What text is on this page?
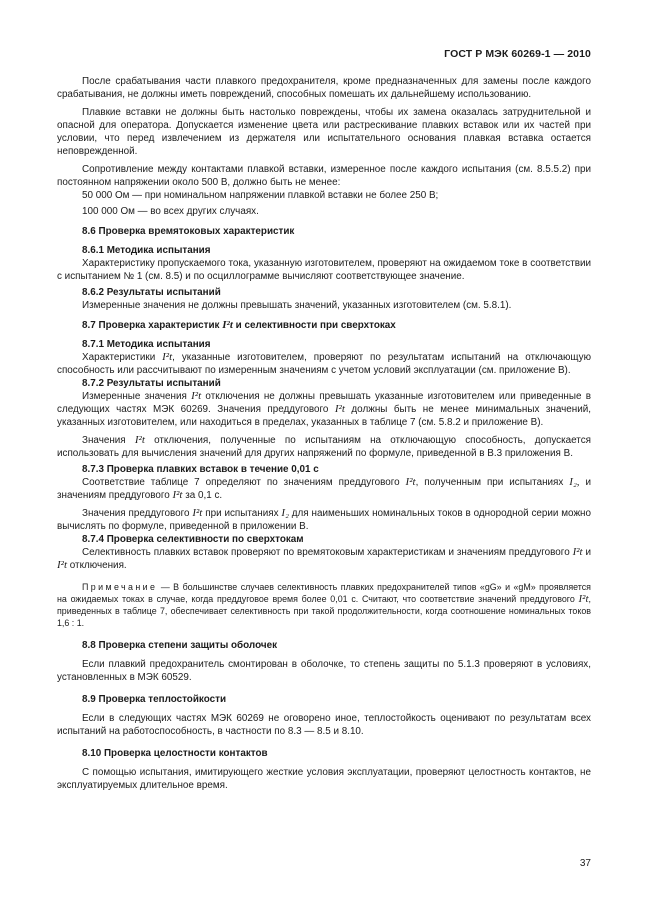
ГОСТ Р МЭК 60269-1 — 2010

После срабатывания части плавкого предохранителя, кроме предназначенных для замены после каждого срабатывания, не должны иметь повреждений, способных помешать их дальнейшему использованию.

Плавкие вставки не должны быть настолько повреждены, чтобы их замена оказалась затруднительной и опасной для оператора. Допускается изменение цвета или растрескивание плавких вставок или их частей при условии, что перед извлечением из держателя или испытательного основания плавкая вставка остается неповрежденной.

Сопротивление между контактами плавкой вставки, измеренное после каждого испытания (см. 8.5.5.2) при постоянном напряжении около 500 В, должно быть не менее:

50 000 Ом — при номинальном напряжении плавкой вставки не более 250 В;

100 000 Ом — во всех других случаях.

8.6 Проверка времятоковых характеристик

8.6.1 Методика испытания

Характеристику пропускаемого тока, указанную изготовителем, проверяют на ожидаемом токе в соответствии с испытанием № 1 (см. 8.5) и по осциллограмме вычисляют соответствующее значение.

8.6.2 Результаты испытаний

Измеренные значения не должны превышать значений, указанных изготовителем (см. 5.8.1).

8.7 Проверка характеристик I²t и селективности при сверхтоках

8.7.1 Методика испытания

Характеристики I²t, указанные изготовителем, проверяют по результатам испытаний на отключающую способность или рассчитывают по измеренным значениям с учетом условий эксплуатации (см. приложение В).

8.7.2 Результаты испытаний

Измеренные значения I²t отключения не должны превышать указанные изготовителем или приведенные в следующих частях МЭК 60269. Значения преддугового I²t должны быть не менее минимальных значений, указанных изготовителем, или находиться в пределах, указанных в таблице 7 (см. 5.8.2 и приложение В).

Значения I²t отключения, полученные по испытаниям на отключающую способность, допускается использовать для вычисления значений для других напряжений по формуле, приведенной в В.3 приложения В.

8.7.3 Проверка плавких вставок в течение 0,01 с

Соответствие таблице 7 определяют по значениям преддугового I²t, полученным при испытаниях I₂, и значениям преддугового I²t за 0,1 с.

Значения преддугового I²t при испытаниях I₂ для наименьших номинальных токов в однородной серии можно вычислять по формуле, приведенной в приложении В.

8.7.4 Проверка селективности по сверхтокам

Селективность плавких вставок проверяют по времятоковым характеристикам и значениям преддугового I²t и I²t отключения.

Примечание — В большинстве случаев селективность плавких предохранителей типов «gG» и «gM» проявляется на ожидаемых токах в случае, когда преддуговое время более 0,01 с. Считают, что соответствие значений преддугового I²t, приведенных в таблице 7, обеспечивает селективность при такой продолжительности, когда соотношение номинальных токов 1,6 : 1.

8.8 Проверка степени защиты оболочек

Если плавкий предохранитель смонтирован в оболочке, то степень защиты по 5.1.3 проверяют в условиях, установленных в МЭК 60529.

8.9 Проверка теплостойкости

Если в следующих частях МЭК 60269 не оговорено иное, теплостойкость оценивают по результатам всех испытаний на работоспособность, в частности по 8.3 — 8.5 и 8.10.

8.10 Проверка целостности контактов

С помощью испытания, имитирующего жесткие условия эксплуатации, проверяют целостность контактов, не эксплуатируемых длительное время.

37
